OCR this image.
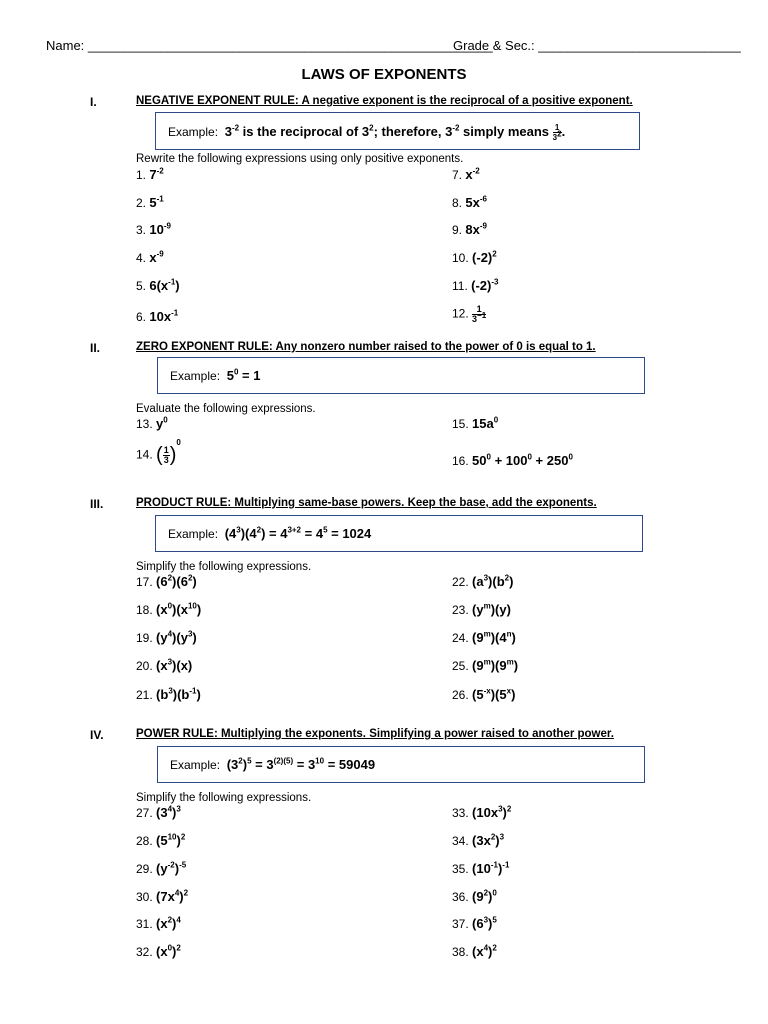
Name: ________________________________________________________
Grade & Sec.: ____________________________
LAWS OF EXPONENTS
I.	NEGATIVE EXPONENT RULE: A negative exponent is the reciprocal of a positive exponent.
Example: $3^{-2}$ is the reciprocal of $3^2$; therefore, $3^{-2}$ simply means $\frac{1}{3^2}$ .
Rewrite the following expressions using only positive exponents.
1. $7^{-2}$
2. $5^{-1}$
3. $10^{-9}$
4. $x^{-9}$
5. $6(x^{-1})$
6. $10x^{-1}$
7. $x^{-2}$
8. $5x^{-6}$
9. $8x^{-9}$
10. $(-2)^2$
11. $(-2)^{-3}$
12. $\frac{1}{3^{-1}}$
II.	ZERO EXPONENT RULE: Any nonzero number raised to the power of 0 is equal to 1.
Example: $5^0 = 1$
Evaluate the following expressions.
13. $y^0$
14. ( $\frac{1}{3} )^0$
15. $15a^0$
16. $50^0 + 100^0 + 250^0$
III.	PRODUCT RULE: Multiplying same-base powers. Keep the base, add the exponents.
Example: $(4^3)(4^2) = 4^{3+2} = 4^5 = 1024$
Simplify the following expressions.
17. $(6^2)(6^2)$
18. $(x^0)(x^{10})$
19. $(y^4)(y^3)$
20. $(x^3)(x)$
21. $(b^3)(b^{-1})$
22. $(a^3)(b^2)$
23. $(y^m)(y)$
24. (9$^m$)(4$^n$)
25. (9$^m$)(9$^m$)
26. $(5^{-x})(5^x)$
IV.	POWER RULE: Multiplying the exponents. Simplifying a power raised to another power.
Example: $(3^2)^5 = 3^{(2)(5)} = 3^{10} = 59049$
Simplify the following expressions.
27. $(3^4)^3$
28. $(5^{10})^2$
29. $(y^{-2})^{-5}$
30. $(7x^4)^2$
31. $(x^2)^4$
32. $(x^0)^2$
33. $(10x^3)^2$
34. $(3x^2)^3$
35. $(10^{-1})^{-1}$
36. $(9^2)^0$
37. $(6^3)^5$
38. $(x^4)^2$
